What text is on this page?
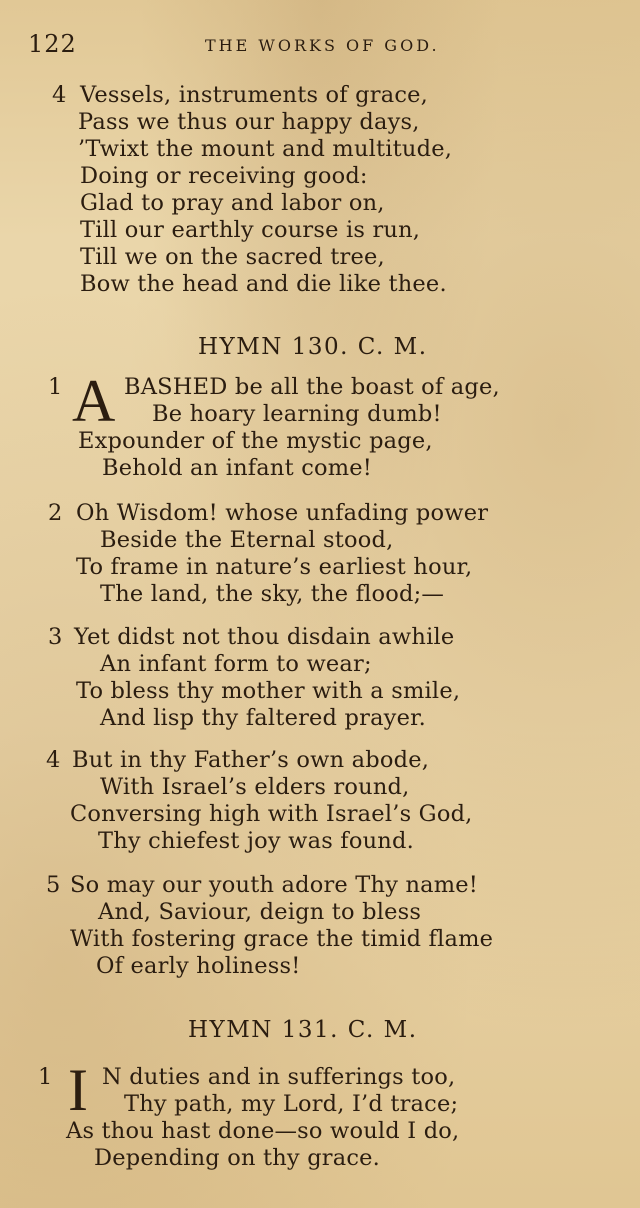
122	THE WORKS OF GOD.
4 Vessels, instruments of grace,
Pass we thus our happy days,
’Twixt the mount and multitude,
Doing or receiving good:
Glad to pray and labor on,
Till our earthly course is run,
Till we on the sacred tree,
Bow the head and die like thee.
HYMN 130. C. M.
1 A BASHED be all the boast of age,
Be hoary learning dumb!
Expounder of the mystic page,
Behold an infant come!
2 Oh Wisdom! whose unfading power
Beside the Eternal stood,
To frame in nature’s earliest hour,
The land, the sky, the flood;—
3 Yet didst not thou disdain awhile
An infant form to wear;
To bless thy mother with a smile,
And lisp thy faltered prayer.
4 But in thy Father’s own abode,
With Israel’s elders round,
Conversing high with Israel’s God,
Thy chiefest joy was found.
5 So may our youth adore Thy name!
And, Saviour, deign to bless
With fostering grace the timid flame
Of early holiness!
HYMN 131. C. M.
1 I N duties and in sufferings too,
Thy path, my Lord, I’d trace;
As thou hast done—so would I do,
Depending on thy grace.
